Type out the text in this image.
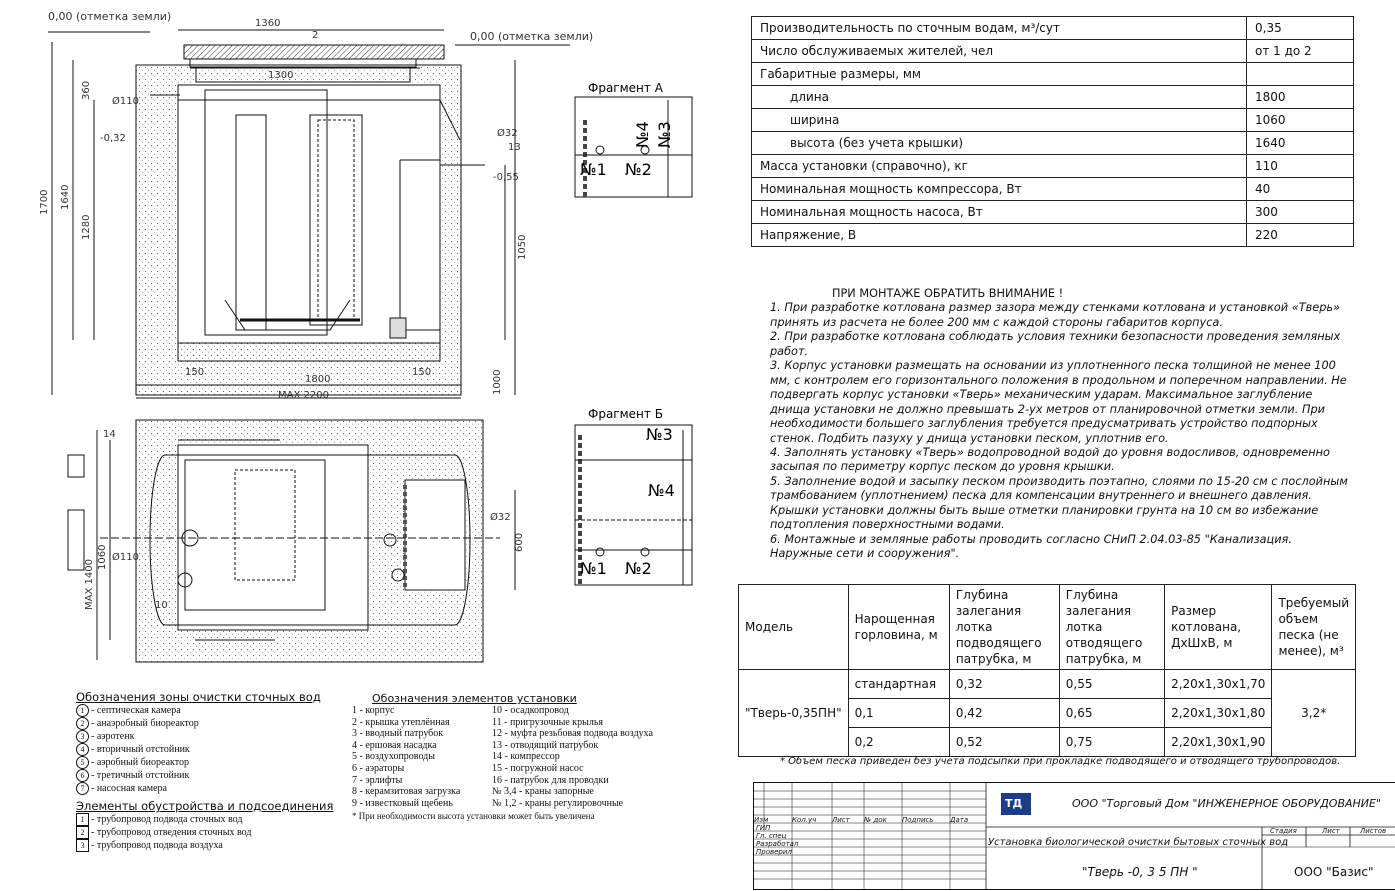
1360
1300
0,00 (отметка земли)
0,00 (отметка земли)
2
1700 1640
1280
360
Ø110
-0,32	Ø32
13
-0,55
1050
1000
150
1800
150
MAX 2200
14
Ø110
1060
MAX 1400
Ø32
600
10
Фрагмент А
№1 №2
№3
№4
Фрагмент Б
№1 №2
№3
№4
Производительность по сточным водам, м³/сут	0,35
Число обслуживаемых жителей, чел	от 1 до 2
Габаритные размеры, мм	
длина	1800
ширина	1060
высота (без учета крышки)	1640
Масса установки (справочно), кг	110
Номинальная мощность компрессора, Вт	40
Номинальная мощность насоса, Вт	300
Напряжение, В	220
ПРИ МОНТАЖЕ ОБРАТИТЬ ВНИМАНИЕ !

1. При разработке котлована размер зазора между стенками котлована и установкой «Тверь» принять из расчета не более 200 мм с каждой стороны габаритов корпуса.

2. При разработке котлована соблюдать условия техники безопасности проведения земляных работ.

3. Корпус установки размещать на основании из уплотненного песка толщиной не менее 100 мм, с контролем его горизонтального положения в продольном и поперечном направлении. Не подвергать корпус установки «Тверь» механическим ударам. Максимальное заглубление днища установки не должно превышать 2-ух метров от планировочной отметки земли. При необходимости большего заглубления требуется предусматривать устройство подпорных стенок. Подбить пазуху у днища установки песком, уплотнив его.

4. Заполнять установку «Тверь» водопроводной водой до уровня водосливов, одновременно засыпая по периметру корпус песком до уровня крышки.

5. Заполнение водой и засыпку песком производить поэтапно, слоями по 15-20 см с послойным трамбованием (уплотнением) песка для компенсации внутреннего и внешнего давления. Крышки установки должны быть выше отметки планировки грунта на 10 см во избежание подтопления поверхностными водами.

6. Монтажные и земляные работы проводить согласно СНиП 2.04.03-85 "Канализация. Наружные сети и сооружения".

Модель	Нарощенная горловина, м	Глубина залегания лотка подводящего патрубка, м	Глубина залегания лотка отводящего патрубка, м	Размер котлована, ДхШхВ, м	Требуемый объем песка (не менее), м³
"Тверь-0,35ПН"	стандартная	0,32	0,55	2,20х1,30х1,70	3,2*
	0,1	0,42	0,65	2,20х1,30х1,80	
	0,2	0,52	0,75	2,20х1,30х1,90	
* Объем песка приведен без учета подсыпки при прокладке подводящего и отводящего трубопроводов.
Обозначения зоны очистки сточных вод
1 - септическая камера
2 - анаэробный биореактор
3 - аэротенк
4 - вторичный отстойник
5 - аэробный биореактор
6 - третичный отстойник
7 - насосная камера
Элементы обустройства и подсоединения
1 - трубопровод подвода сточных вод
2 - трубопровод отведения сточных вод
3 - трубопровод подвода воздуха
Обозначения элементов установки
1 - корпус
2 - крышка утеплённая
3 - вводный патрубок
4 - ершовая насадка
5 - воздухопроводы
6 - аэраторы
7 - эрлифты
8 - керамзитовая загрузка
9 - известковый щебень
10 - осадкопровод
11 - пригрузочные крылья
12 - муфта резьбовая подвода воздуха
13 - отводящий патрубок
14 - компрессор
15 - погружной насос
16 - патрубок для проводки
№ 3,4 - краны запорные
№ 1,2 - краны регулировочные
* При необходимости высота установки может быть увеличена
ТД	ООО "Торговый Дом "ИНЖЕНЕРНОЕ ОБОРУДОВАНИЕ"
Установка биологической очистки бытовых сточных вод
"Тверь -0, 3 5 ПН "	ООО "Базис"
Стадия	Лист	Листов
Изм	Кол.уч	Лист	№ док	Подпись	Дата
ГИП
Гл. спец
Разработал
Проверил
